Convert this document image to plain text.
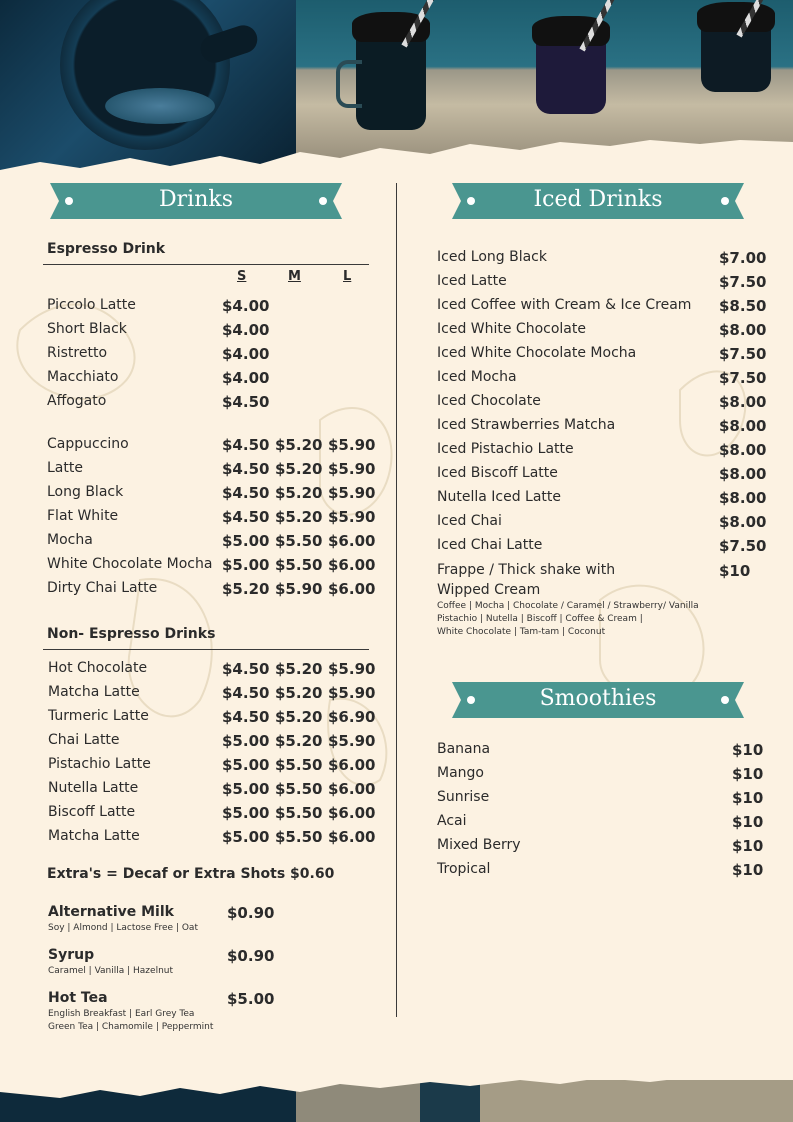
Drinks	Iced Drinks
Smoothies
Espresso Drink
S	M	L
Piccolo Latte	$4.00
Short Black	$4.00
Ristretto	$4.00
Macchiato	$4.00
Affogato	$4.50
Cappuccino	$4.50 $5.20 $5.90
Latte	$4.50 $5.20 $5.90
Long Black	$4.50 $5.20 $5.90
Flat White	$4.50 $5.20 $5.90
Mocha	$5.00 $5.50 $6.00
White Chocolate Mocha $5.00 $5.50 $6.00
Dirty Chai Latte	$5.20 $5.90 $6.00
Non- Espresso Drinks
Hot Chocolate	$4.50 $5.20 $5.90
Matcha Latte	$4.50 $5.20 $5.90
Turmeric Latte	$4.50 $5.20 $6.90
Chai Latte	$5.00 $5.20 $5.90
Pistachio Latte	$5.00 $5.50 $6.00
Nutella Latte	$5.00 $5.50 $6.00
Biscoff Latte	$5.00 $5.50 $6.00
Matcha Latte	$5.00 $5.50 $6.00
Extra's = Decaf or Extra Shots $0.60
Alternative Milk	$0.90
Soy | Almond | Lactose Free | Oat
Syrup	$0.90
Caramel | Vanilla | Hazelnut
Hot Tea	$5.00
English Breakfast | Earl Grey Tea
Green Tea | Chamomile | Peppermint
Iced Long Black	$7.00
Iced Latte	$7.50
Iced Coffee with Cream & Ice Cream $8.50
Iced White Chocolate	$8.00
Iced White Chocolate Mocha	$7.50
Iced Mocha	$7.50
Iced Chocolate	$8.00
Iced Strawberries Matcha	$8.00
Iced Pistachio Latte	$8.00
Iced Biscoff Latte	$8.00
Nutella Iced Latte	$8.00
Iced Chai	$8.00
Iced Chai Latte	$7.50
Frappe / Thick shake with
Wipped Cream
$10
Coffee | Mocha | Chocolate / Caramel / Strawberry/ Vanilla
Pistachio | Nutella | Biscoff | Coffee & Cream |
White Chocolate | Tam-tam | Coconut
Banana	$10
Mango	$10
Sunrise	$10
Acai	$10
Mixed Berry	$10
Tropical	$10
